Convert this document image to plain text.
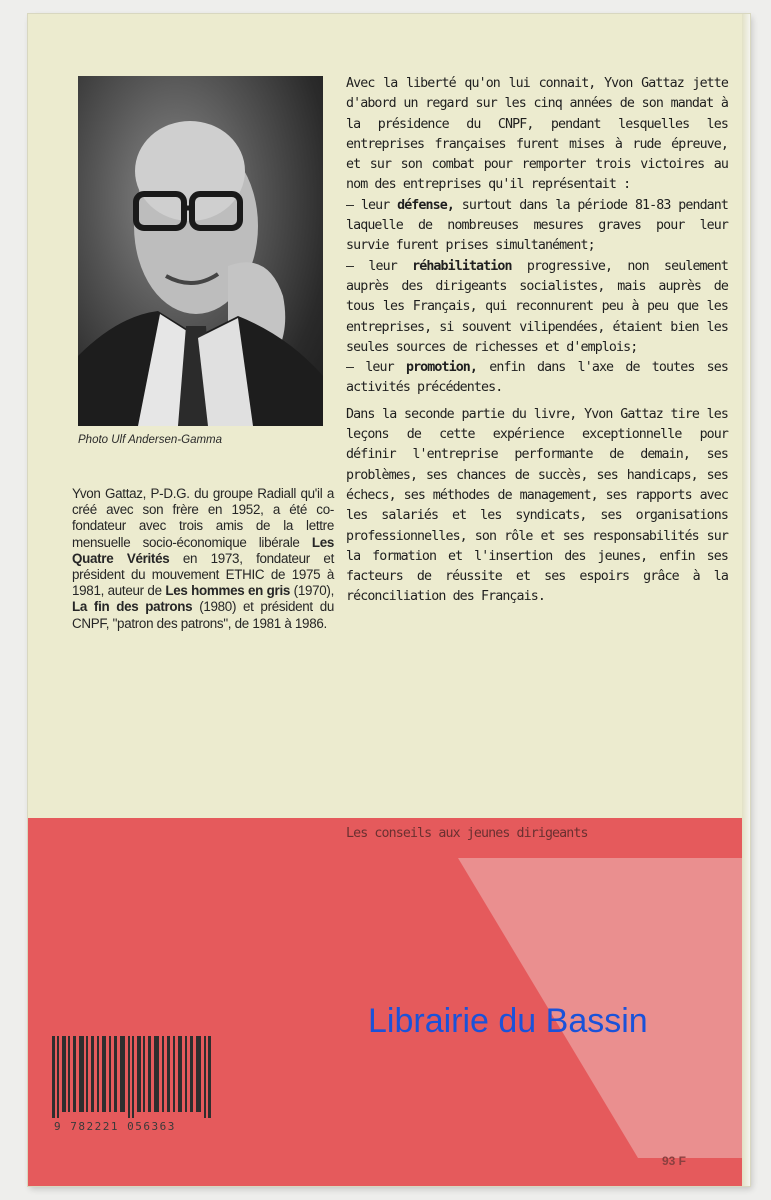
Photo Ulf Andersen-Gamma
Yvon Gattaz, P-D.G. du groupe Radiall qu'il a créé avec son frère en 1952, a été co-fondateur avec trois amis de la lettre mensuelle socio-économique libérale Les Quatre Vérités en 1973, fondateur et président du mouvement ETHIC de 1975 à 1981, auteur de Les hommes en gris (1970), La fin des patrons (1980) et président du CNPF, "patron des patrons", de 1981 à 1986.

Avec la liberté qu'on lui connait, Yvon Gattaz jette d'abord un regard sur les cinq années de son mandat à la présidence du CNPF, pendant lesquelles les entreprises françaises furent mises à rude épreuve, et sur son combat pour remporter trois victoires au nom des entreprises qu'il représentait :
– leur défense, surtout dans la période 81-83 pendant laquelle de nombreuses mesures graves pour leur survie furent prises simultanément;
– leur réhabilitation progressive, non seulement auprès des dirigeants socialistes, mais auprès de tous les Français, qui reconnurent peu à peu que les entreprises, si souvent vilipendées, étaient bien les seules sources de richesses et d'emplois;
– leur promotion, enfin dans l'axe de toutes ses activités précédentes.

Dans la seconde partie du livre, Yvon Gattaz tire les leçons de cette expérience exceptionnelle pour définir l'entreprise performante de demain, ses problèmes, ses chances de succès, ses handicaps, ses échecs, ses méthodes de management, ses rapports avec les salariés et les syndicats, ses organisations professionnelles, son rôle et ses responsabilités sur la formation et l'insertion des jeunes, enfin ses facteurs de réussite et ses espoirs grâce à la réconciliation des Français.

Les conseils aux jeunes dirigeants
Librairie du Bassin
9 782221 056363
93 F
